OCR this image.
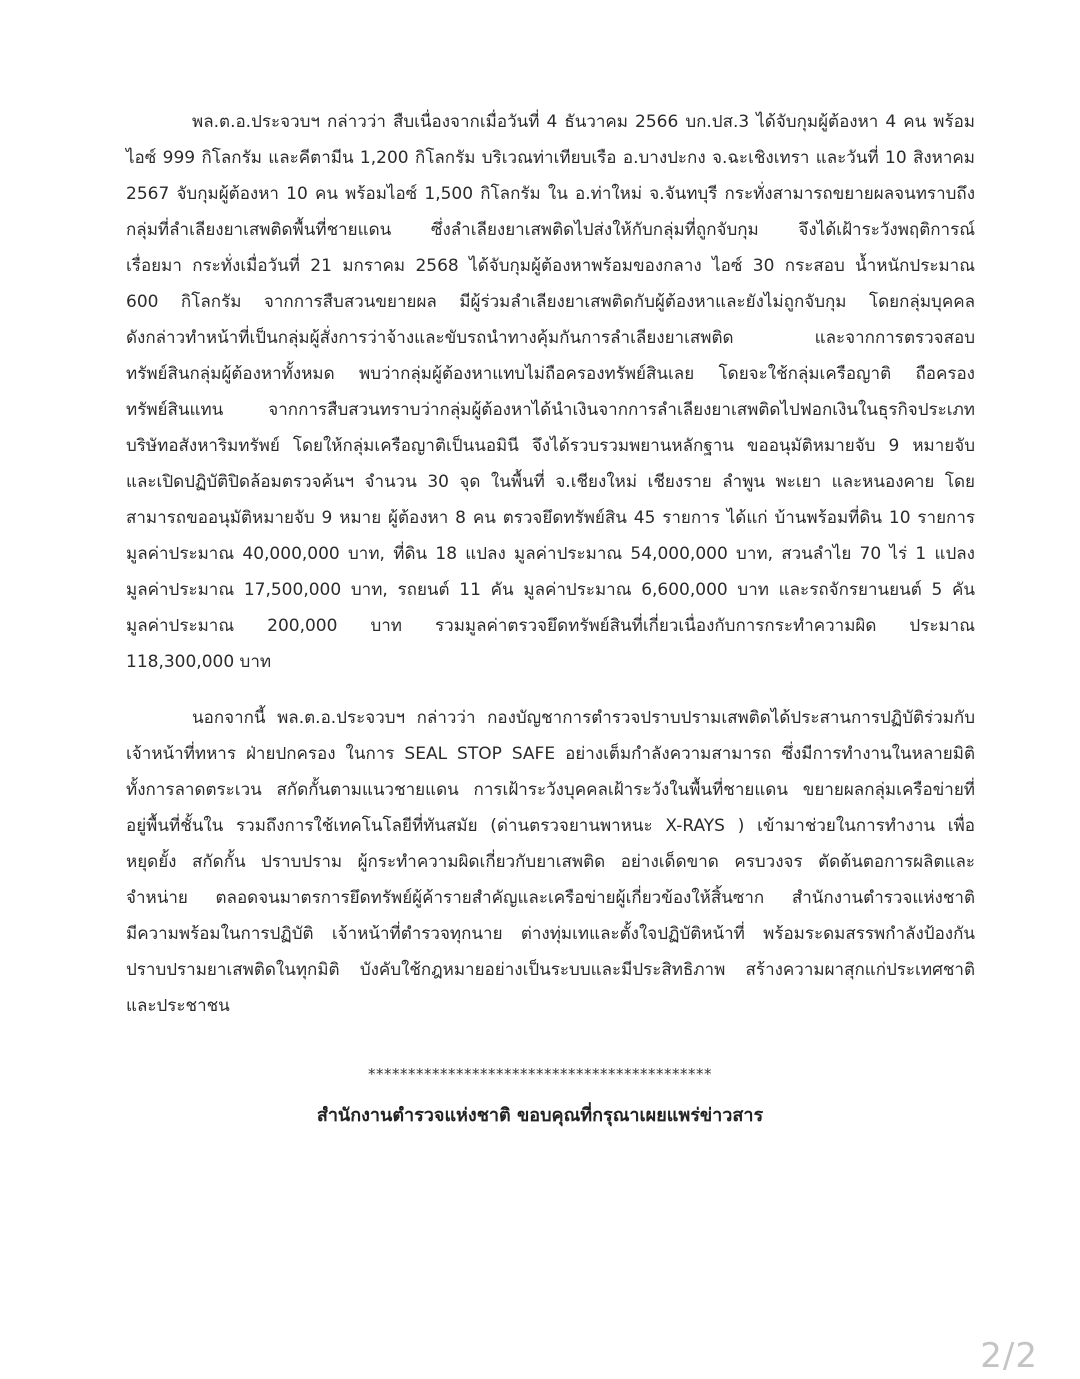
พล.ต.อ.ประจวบฯ กล่าวว่า สืบเนื่องจากเมื่อวันที่ 4 ธันวาคม 2566 บก.ปส.3 ได้จับกุมผู้ต้องหา 4 คน พร้อม
ไอซ์ 999 กิโลกรัม และคีตามีน 1,200 กิโลกรัม บริเวณท่าเทียบเรือ อ.บางปะกง จ.ฉะเชิงเทรา และวันที่ 10 สิงหาคม
2567 จับกุมผู้ต้องหา 10 คน พร้อมไอซ์ 1,500 กิโลกรัม ใน อ.ท่าใหม่ จ.จันทบุรี กระทั่งสามารถขยายผลจนทราบถึง
กลุ่มที่ลำเลียงยาเสพติดพื้นที่ชายแดน ซึ่งลำเลียงยาเสพติดไปส่งให้กับกลุ่มที่ถูกจับกุม จึงได้เฝ้าระวังพฤติการณ์
เรื่อยมา กระทั่งเมื่อวันที่ 21 มกราคม 2568 ได้จับกุมผู้ต้องหาพร้อมของกลาง ไอซ์ 30 กระสอบ น้ำหนักประมาณ
600 กิโลกรัม จากการสืบสวนขยายผล มีผู้ร่วมลำเลียงยาเสพติดกับผู้ต้องหาและยังไม่ถูกจับกุม โดยกลุ่มบุคคล
ดังกล่าวทำหน้าที่เป็นกลุ่มผู้สั่งการว่าจ้างและขับรถนำทางคุ้มกันการลำเลียงยาเสพติด และจากการตรวจสอบ
ทรัพย์สินกลุ่มผู้ต้องหาทั้งหมด พบว่ากลุ่มผู้ต้องหาแทบไม่ถือครองทรัพย์สินเลย โดยจะใช้กลุ่มเครือญาติ ถือครอง
ทรัพย์สินแทน จากการสืบสวนทราบว่ากลุ่มผู้ต้องหาได้นำเงินจากการลำเลียงยาเสพติดไปฟอกเงินในธุรกิจประเภท
บริษัทอสังหาริมทรัพย์ โดยให้กลุ่มเครือญาติเป็นนอมินี จึงได้รวบรวมพยานหลักฐาน ขออนุมัติหมายจับ 9 หมายจับ
และเปิดปฏิบัติปิดล้อมตรวจค้นฯ จำนวน 30 จุด ในพื้นที่ จ.เชียงใหม่ เชียงราย ลำพูน พะเยา และหนองคาย โดย
สามารถขออนุมัติหมายจับ 9 หมาย ผู้ต้องหา 8 คน ตรวจยึดทรัพย์สิน 45 รายการ ได้แก่ บ้านพร้อมที่ดิน 10 รายการ
มูลค่าประมาณ 40,000,000 บาท, ที่ดิน 18 แปลง มูลค่าประมาณ 54,000,000 บาท, สวนลำไย 70 ไร่ 1 แปลง
มูลค่าประมาณ 17,500,000 บาท, รถยนต์ 11 คัน มูลค่าประมาณ 6,600,000 บาท และรถจักรยานยนต์ 5 คัน
มูลค่าประมาณ 200,000 บาท รวมมูลค่าตรวจยึดทรัพย์สินที่เกี่ยวเนื่องกับการกระทำความผิด ประมาณ
118,300,000 บาท
นอกจากนี้ พล.ต.อ.ประจวบฯ กล่าวว่า กองบัญชาการตำรวจปราบปรามเสพติดได้ประสานการปฏิบัติร่วมกับ
เจ้าหน้าที่ทหาร ฝ่ายปกครอง ในการ SEAL STOP SAFE อย่างเต็มกำลังความสามารถ ซึ่งมีการทำงานในหลายมิติ
ทั้งการลาดตระเวน สกัดกั้นตามแนวชายแดน การเฝ้าระวังบุคคลเฝ้าระวังในพื้นที่ชายแดน ขยายผลกลุ่มเครือข่ายที่
อยู่พื้นที่ชั้นใน รวมถึงการใช้เทคโนโลยีที่ทันสมัย (ด่านตรวจยานพาหนะ X-RAYS ) เข้ามาช่วยในการทำงาน เพื่อ
หยุดยั้ง สกัดกั้น ปราบปราม ผู้กระทำความผิดเกี่ยวกับยาเสพติด อย่างเด็ดขาด ครบวงจร ตัดต้นตอการผลิตและ
จำหน่าย ตลอดจนมาตรการยึดทรัพย์ผู้ค้ารายสำคัญและเครือข่ายผู้เกี่ยวข้องให้สิ้นซาก สำนักงานตำรวจแห่งชาติ
มีความพร้อมในการปฏิบัติ เจ้าหน้าที่ตำรวจทุกนาย ต่างทุ่มเทและตั้งใจปฏิบัติหน้าที่ พร้อมระดมสรรพกำลังป้องกัน
ปราบปรามยาเสพติดในทุกมิติ บังคับใช้กฎหมายอย่างเป็นระบบและมีประสิทธิภาพ สร้างความผาสุกแก่ประเทศชาติ
และประชาชน
*******************************************
สำนักงานตำรวจแห่งชาติ ขอบคุณที่กรุณาเผยแพร่ข่าวสาร
2/2
